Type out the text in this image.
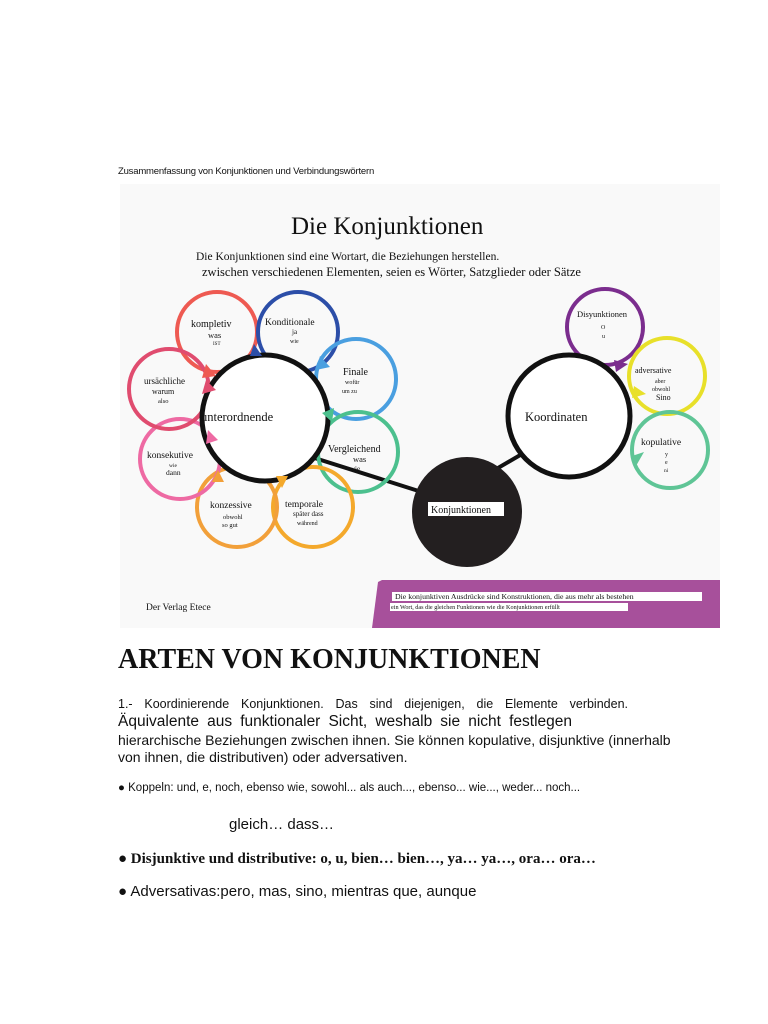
Zusammenfassung von Konjunktionen und Verbindungswörtern
Die Konjunktionen
Die Konjunktionen sind eine Wortart, die Beziehungen herstellen.
zwischen verschiedenen Elementen, seien es Wörter, Satzglieder oder Sätze
unterordnende	Koordinaten
Konjunktionen
kompletiv
was
IST
Konditionale
ja
wie
Finale
wofür
um zu
Vergleichend
was
wie
temporale
später dass
während
konzessive
obwohl
so gut
konsekutive
wie
dann
ursächliche
warum
also
Disyunktionen
O
u
adversative
aber
obwohl
Sino
kopulative
y
e
ni
Der Verlag Etece
Die konjunktiven Ausdrücke sind Konstruktionen, die aus mehr als bestehen
ein Wort, das die gleichen Funktionen wie die Konjunktionen erfüllt
ARTEN VON KONJUNKTIONEN
1.- Koordinierende Konjunktionen. Das sind diejenigen, die Elemente verbinden.
Äquivalente aus funktionaler Sicht, weshalb sie nicht festlegen
hierarchische Beziehungen zwischen ihnen. Sie können kopulative, disjunktive (innerhalb von ihnen, die distributiven) oder adversativen.
● Koppeln: und, e, noch, ebenso wie, sowohl... als auch..., ebenso... wie..., weder... noch...
gleich… dass…
● Disjunktive und distributive: o, u, bien… bien…, ya… ya…, ora… ora…
● Adversativas:pero, mas, sino, mientras que, aunque
